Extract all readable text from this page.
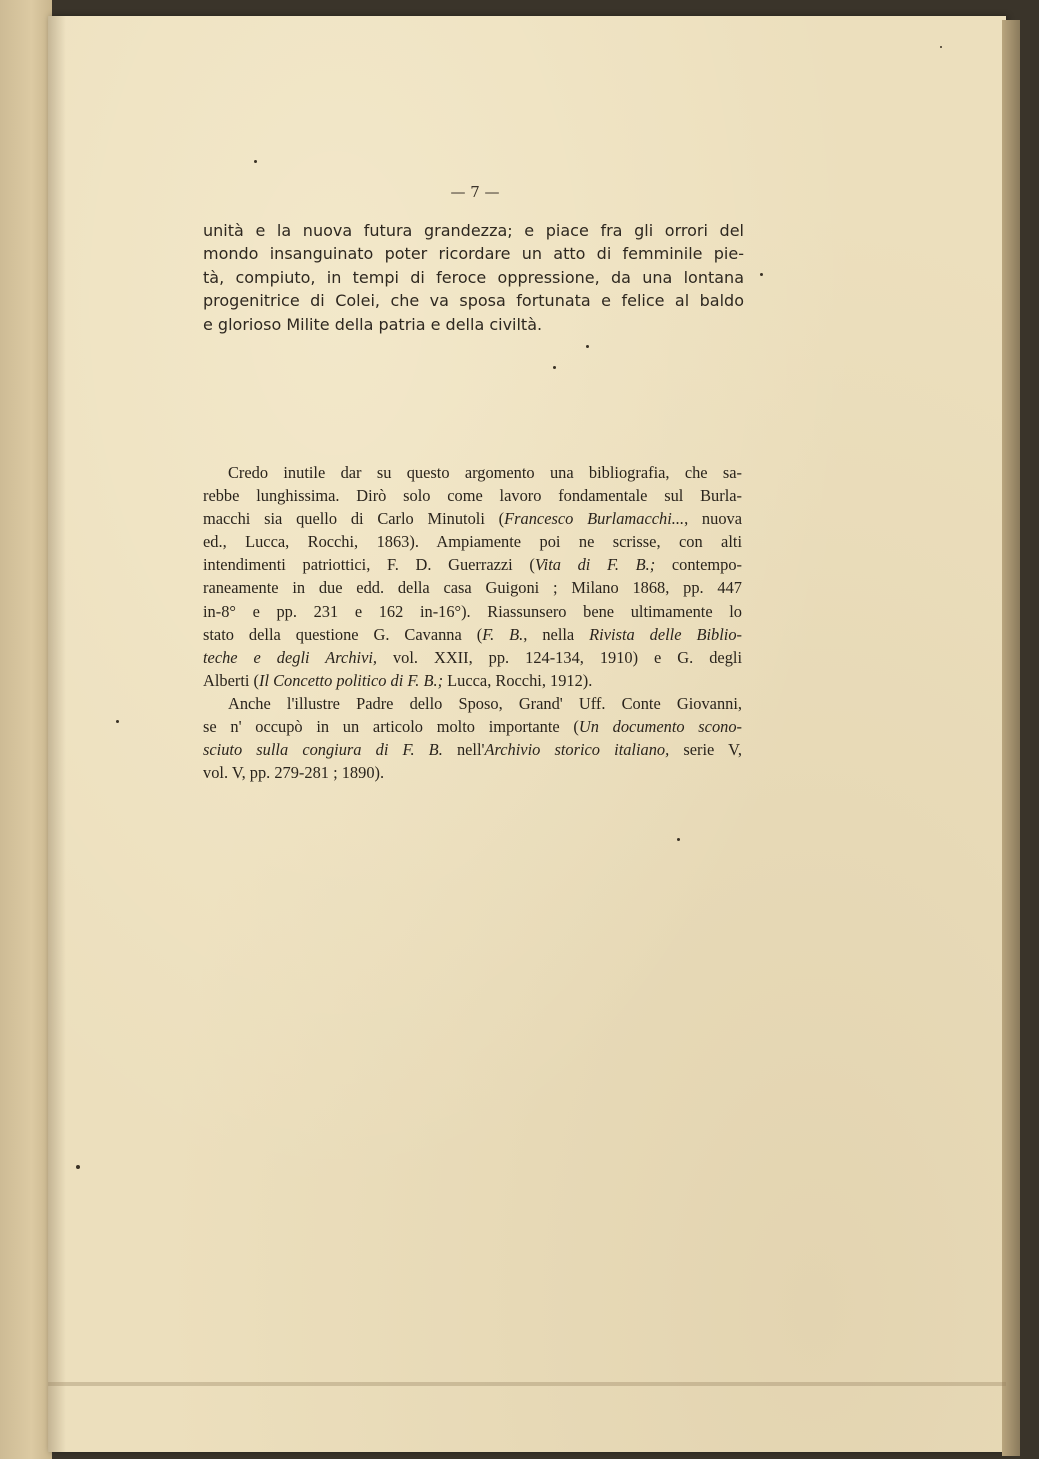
— 7 —
unità e la nuova futura grandezza; e piace fra gli orrori del
mondo insanguinato poter ricordare un atto di femminile pie-
tà, compiuto, in tempi di feroce oppressione, da una lontana
progenitrice di Colei, che va sposa fortunata e felice al baldo
e glorioso Milite della patria e della civiltà.
Credo inutile dar su questo argomento una bibliografia, che sa-
rebbe lunghissima. Dirò solo come lavoro fondamentale sul Burla-
macchi sia quello di Carlo Minutoli (Francesco Burlamacchi..., nuova
ed., Lucca, Rocchi, 1863). Ampiamente poi ne scrisse, con alti
intendimenti patriottici, F. D. Guerrazzi (Vita di F. B.; contempo-
raneamente in due edd. della casa Guigoni ; Milano 1868, pp. 447
in-8° e pp. 231 e 162 in-16°). Riassunsero bene ultimamente lo
stato della questione G. Cavanna (F. B., nella Rivista delle Biblio-
teche e degli Archivi, vol. XXII, pp. 124-134, 1910) e G. degli
Alberti (Il Concetto politico di F. B.; Lucca, Rocchi, 1912).
Anche l'illustre Padre dello Sposo, Grand' Uff. Conte Giovanni,
se n' occupò in un articolo molto importante (Un documento scono-
sciuto sulla congiura di F. B. nell'Archivio storico italiano, serie V,
vol. V, pp. 279-281 ; 1890).
